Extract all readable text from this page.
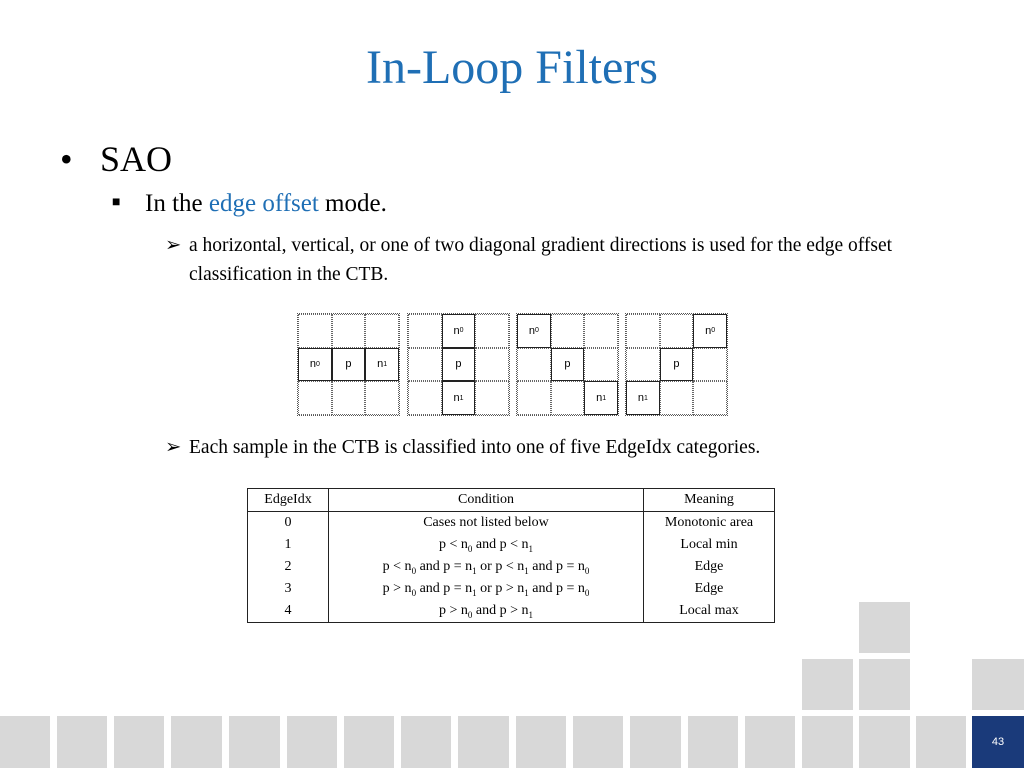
In-Loop Filters
• SAO
■ In the edge offset mode.
➢ a horizontal, vertical, or one of two diagonal gradient directions is used for the edge offset classification in the CTB.
n 0 p n 1
n 0
p
n 1
n 0
p
n 1
n 0
p
n 1
➢ Each sample in the CTB is classified into one of five EdgeIdx categories.
EdgeIdx	Condition	Meaning
0	Cases not listed below	Monotonic area
1	$p < n_0$ and $p < n_1$	Local min
2	$p < n_0$ and $p = n_1$ or $p < n_1$ and $p = n_0$	Edge
3	$p > n_0$ and $p = n_1$ or $p > n_1$ and $p = n_0$	Edge
4	$p > n_0$ and $p > n_1$	Local max
43
